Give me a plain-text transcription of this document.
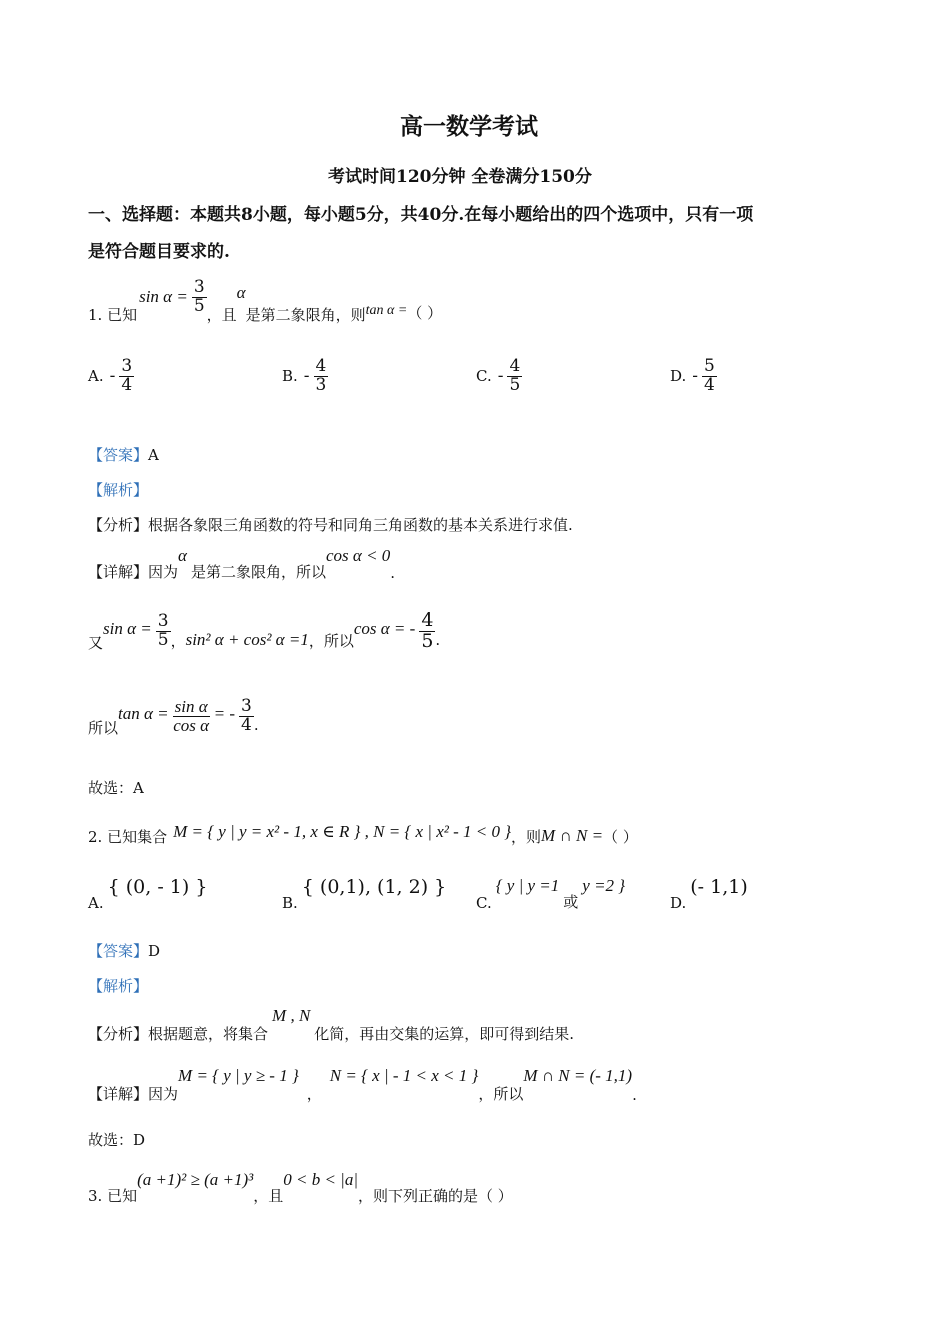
高一数学考试
考试时间120分钟 全卷满分150分
一、选择题：本题共8小题，每小题5分，共40分.在每小题给出的四个选项中，只有一项
是符合题目要求的.
1. 已知
$\sin \alpha = \frac{3}{5}$ ，且
α
是第二象限角，则 tan α = （ ）
A. - $\frac{3}{4}$	B. - $\frac{4}{3}$	C. - $\frac{4}{5}$	D. - $\frac{5}{4}$
【答案】A
【解析】
【分析】根据各象限三角函数的符号和同角三角函数的基本关系进行求值.
【详解】 因为
α
是第二象限角，所以
cos α < 0
.
又
$\sin \alpha = \frac{3}{5}$ ， sin² α + cos² α =1 ，所以
cos α = - $\frac{4}{5}$ .
所以
$\tan \alpha = \frac{\text{sin α}}{\text{cos α}}$ = - $\frac{3}{4}$ .
故选：A
2. 已知集合 M = { y | y = x² - 1, x ∈ R } , N = { x | x² - 1 < 0 } ，则 M ∩ N = （ ）
A.
{ (0, - 1) }
B.
{ (0,1), (1, 2) }
C.
{ y | y =1
或
y =2 }
D.
(- 1,1)
【答案】D
【解析】
【分析】 根据题意，将集合
M , N
化简，再由交集的运算，即可得到结果.
【详解】 因为
M = { y | y ≥ - 1 }
，
N = { x | - 1 < x < 1 }
，所以
M ∩ N = (- 1,1)
.
故选：D
3. 已知
(a +1)² ≥ (a +1)³
，且
0 < b < |a|
，则下列正确的是（ ）
